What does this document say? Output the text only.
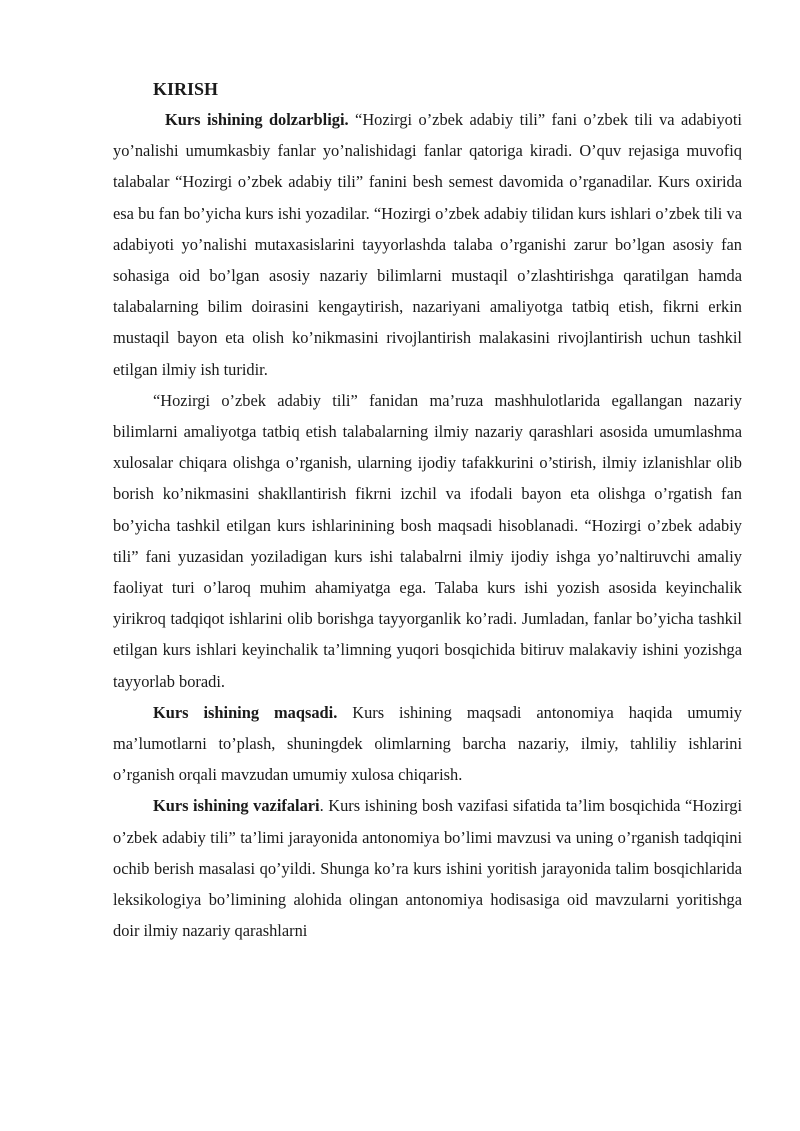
KIRISH

Kurs ishining dolzarbligi. “Hozirgi o’zbek adabiy tili” fani o’zbek tili va adabiyoti yo’nalishi umumkasbiy fanlar yo’nalishidagi fanlar qatoriga kiradi. O’quv rejasiga muvofiq talabalar “Hozirgi o’zbek adabiy tili” fanini besh semest davomida o’rganadilar. Kurs oxirida esa bu fan bo’yicha kurs ishi yozadilar. “Hozirgi o’zbek adabiy tilidan kurs ishlari o’zbek tili va adabiyoti yo’nalishi mutaxasislarini tayyorlashda talaba o’rganishi zarur bo’lgan asosiy fan sohasiga oid bo’lgan asosiy nazariy bilimlarni mustaqil o’zlashtirishga qaratilgan hamda talabalarning bilim doirasini kengaytirish, nazariyani amaliyotga tatbiq etish, fikrni erkin mustaqil bayon eta olish ko’nikmasini rivojlantirish malakasini rivojlantirish uchun tashkil etilgan ilmiy ish turidir.

“Hozirgi o’zbek adabiy tili” fanidan ma’ruza mashhulotlarida egallangan nazariy bilimlarni amaliyotga tatbiq etish talabalarning ilmiy nazariy qarashlari asosida umumlashma xulosalar chiqara olishga o’rganish, ularning ijodiy tafakkurini o’stirish, ilmiy izlanishlar olib borish ko’nikmasini shakllantirish fikrni izchil va ifodali bayon eta olishga o’rgatish fan bo’yicha tashkil etilgan kurs ishlarinining bosh maqsadi hisoblanadi. “Hozirgi o’zbek adabiy tili” fani yuzasidan yoziladigan kurs ishi talabalrni ilmiy ijodiy ishga yo’naltiruvchi amaliy faoliyat turi o’laroq muhim ahamiyatga ega. Talaba kurs ishi yozish asosida keyinchalik yirikroq tadqiqot ishlarini olib borishga tayyorganlik ko’radi. Jumladan, fanlar bo’yicha tashkil etilgan kurs ishlari keyinchalik ta’limning yuqori bosqichida bitiruv malakaviy ishini yozishga tayyorlab boradi.

Kurs ishining maqsadi. Kurs ishining maqsadi antonomiya haqida umumiy ma’lumotlarni to’plash, shuningdek olimlarning barcha nazariy, ilmiy, tahliliy ishlarini o’rganish orqali mavzudan umumiy xulosa chiqarish.

Kurs ishining vazifalari. Kurs ishining bosh vazifasi sifatida ta’lim bosqichida “Hozirgi o’zbek adabiy tili” ta’limi jarayonida antonomiya bo’limi mavzusi va uning o’rganish tadqiqini ochib berish masalasi qo’yildi. Shunga ko’ra kurs ishini yoritish jarayonida talim bosqichlarida leksikologiya bo’limining alohida olingan antonomiya hodisasiga oid mavzularni yoritishga doir ilmiy nazariy qarashlarni
